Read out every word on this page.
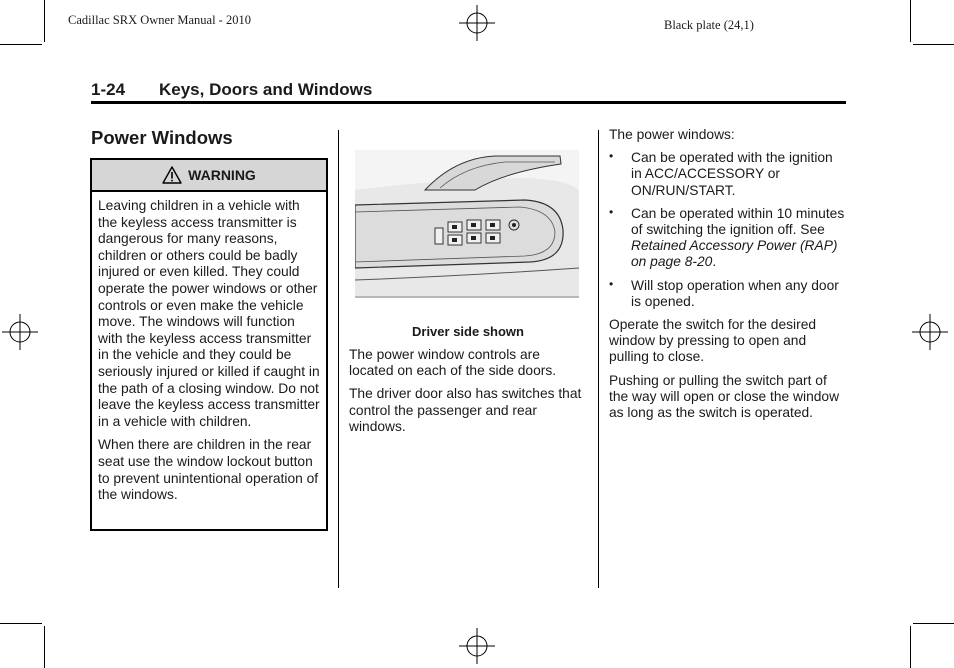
Cadillac SRX Owner Manual - 2010	Black plate (24,1)
1-24 Keys, Doors and Windows
Power Windows
WARNING

Leaving children in a vehicle with the keyless access transmitter is dangerous for many reasons, children or others could be badly injured or even killed. They could operate the power windows or other controls or even make the vehicle move. The windows will function with the keyless access transmitter in the vehicle and they could be seriously injured or killed if caught in the path of a closing window. Do not leave the keyless access transmitter in a vehicle with children.

When there are children in the rear seat use the window lockout button to prevent unintentional operation of the windows.

Driver side shown

The power window controls are located on each of the side doors.

The driver door also has switches that control the passenger and rear windows.

The power windows:

• Can be operated with the ignition in ACC/ACCESSORY or ON/RUN/START.
• Can be operated within 10 minutes of switching the ignition off. See Retained Accessory Power (RAP) on page 8-20.
• Will stop operation when any door is opened.

Operate the switch for the desired window by pressing to open and pulling to close.

Pushing or pulling the switch part of the way will open or close the window as long as the switch is operated.
